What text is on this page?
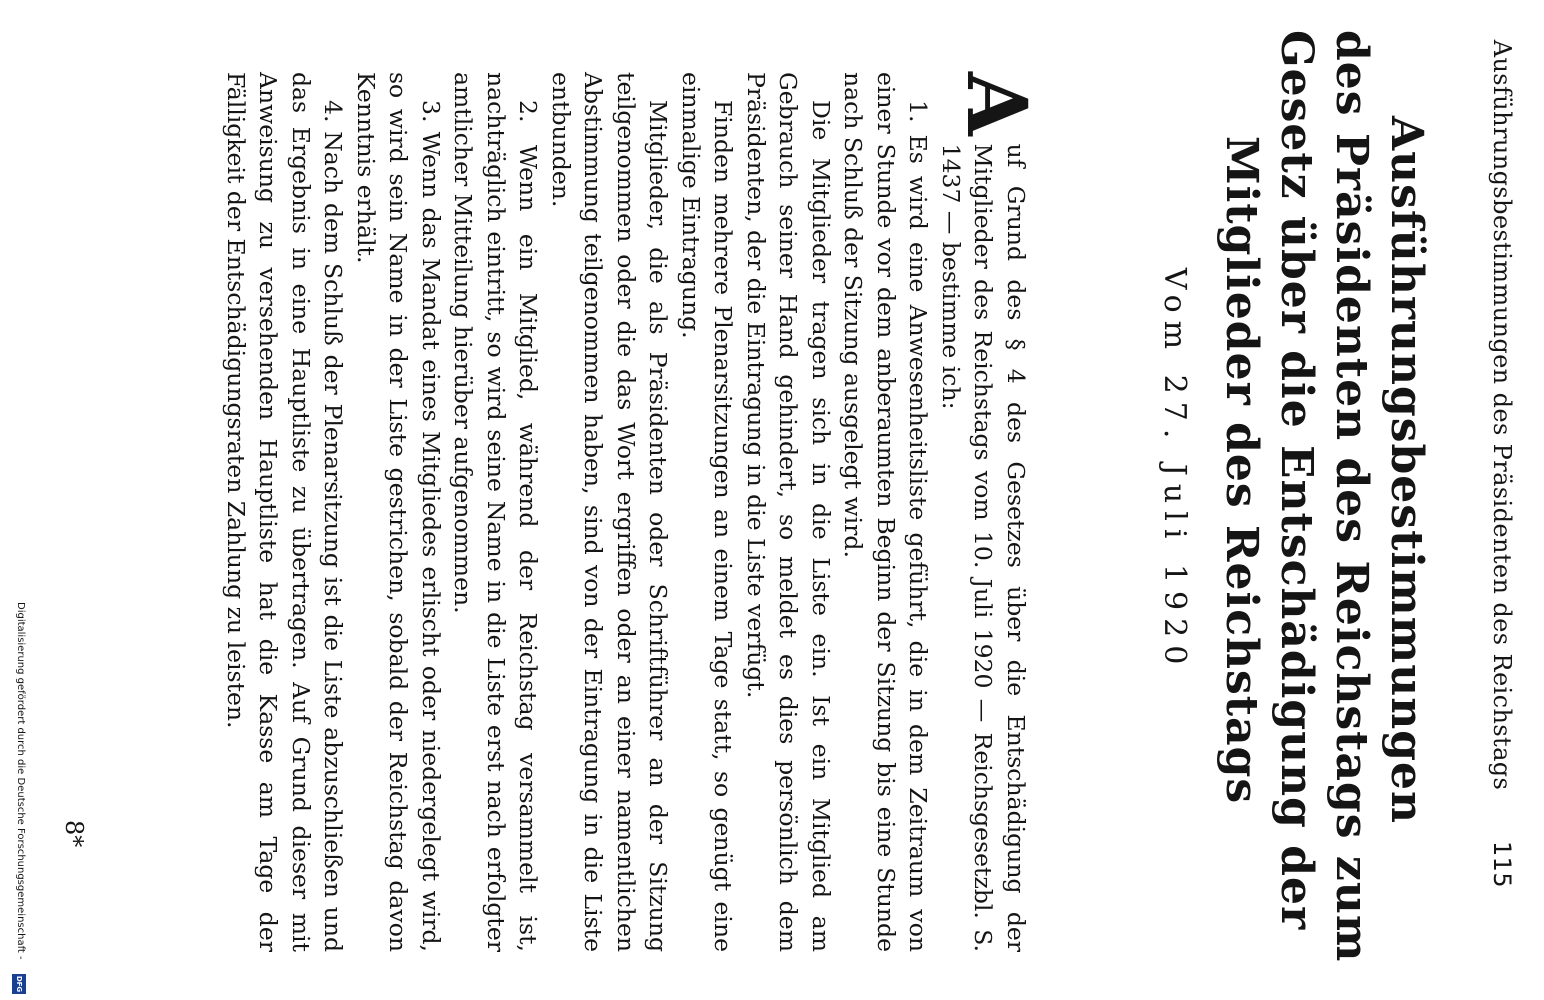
Ausführungsbestimmungen des Präsidenten des Reichstags
115
Ausführungsbestimmungen
des Präsidenten des Reichstags zum
Gesetz über die Entschädigung der
Mitglieder des Reichstags
Vom 27. Juli 1920

A
uf Grund des § 4 des Gesetzes über die Entschädigung der Mitglieder des Reichstags vom 10. Juli 1920 — Reichsgesetzbl. S. 1437 — bestimme ich:

1. Es wird eine Anwesenheitsliste geführt, die in dem Zeitraum von einer Stunde vor dem anberaumten Beginn der Sitzung bis eine Stunde nach Schluß der Sitzung ausgelegt wird.

Die Mitglieder tragen sich in die Liste ein. Ist ein Mitglied am Gebrauch seiner Hand gehindert, so meldet es dies persönlich dem Präsidenten, der die Eintragung in die Liste verfügt.

Finden mehrere Plenarsitzungen an einem Tage statt, so genügt eine einmalige Eintragung.

Mitglieder, die als Präsidenten oder Schriftführer an der Sitzung teilgenommen oder die das Wort ergriffen oder an einer namentlichen Abstimmung teilgenommen haben, sind von der Eintragung in die Liste entbunden.

2. Wenn ein Mitglied, während der Reichstag versammelt ist, nachträglich eintritt, so wird seine Name in die Liste erst nach erfolgter amtlicher Mitteilung hierüber aufgenommen.

3. Wenn das Mandat eines Mitgliedes erlischt oder niedergelegt wird, so wird sein Name in der Liste gestrichen, sobald der Reichstag davon Kenntnis erhält.

4. Nach dem Schluß der Plenarsitzung ist die Liste abzuschließen und das Ergebnis in eine Hauptliste zu übertragen. Auf Grund dieser mit Anweisung zu versehenden Hauptliste hat die Kasse am Tage der Fälligkeit der Entschädigungsraten Zahlung zu leisten.

8*
Digitalisierung gefördert durch die Deutsche Forschungsgemeinschaft -
DFG
